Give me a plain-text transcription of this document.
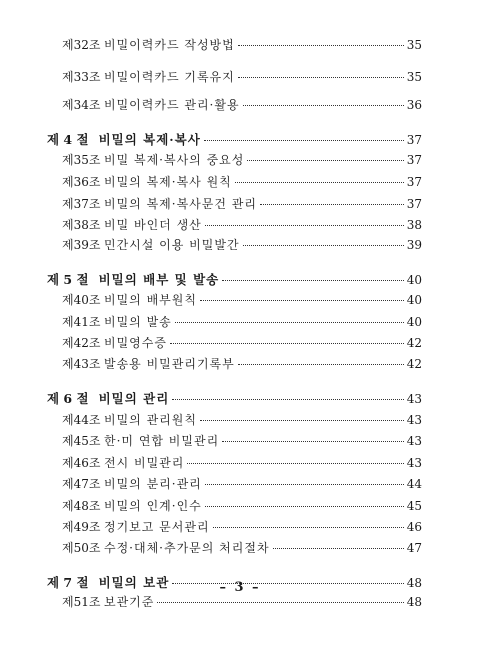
제32조 비밀이력카드 작성방법	35
제33조 비밀이력카드 기록유지	35
제34조 비밀이력카드 관리·활용	36
제 4 절 비밀의 복제·복사	37
제35조 비밀 복제·복사의 중요성	37
제36조 비밀의 복제·복사 원칙	37
제37조 비밀의 복제·복사문건 관리	37
제38조 비밀 바인더 생산	38
제39조 민간시설 이용 비밀발간	39
제 5 절 비밀의 배부 및 발송	40
제40조 비밀의 배부원칙	40
제41조 비밀의 발송	40
제42조 비밀영수증	42
제43조 발송용 비밀관리기록부	42
제 6 절 비밀의 관리	43
제44조 비밀의 관리원칙	43
제45조 한·미 연합 비밀관리	43
제46조 전시 비밀관리	43
제47조 비밀의 분리·관리	44
제48조 비밀의 인계·인수	45
제49조 정기보고 문서관리	46
제50조 수정·대체·추가문의 처리절차	47
제 7 절 비밀의 보관	48
제51조 보관기준	48
– 3 –
